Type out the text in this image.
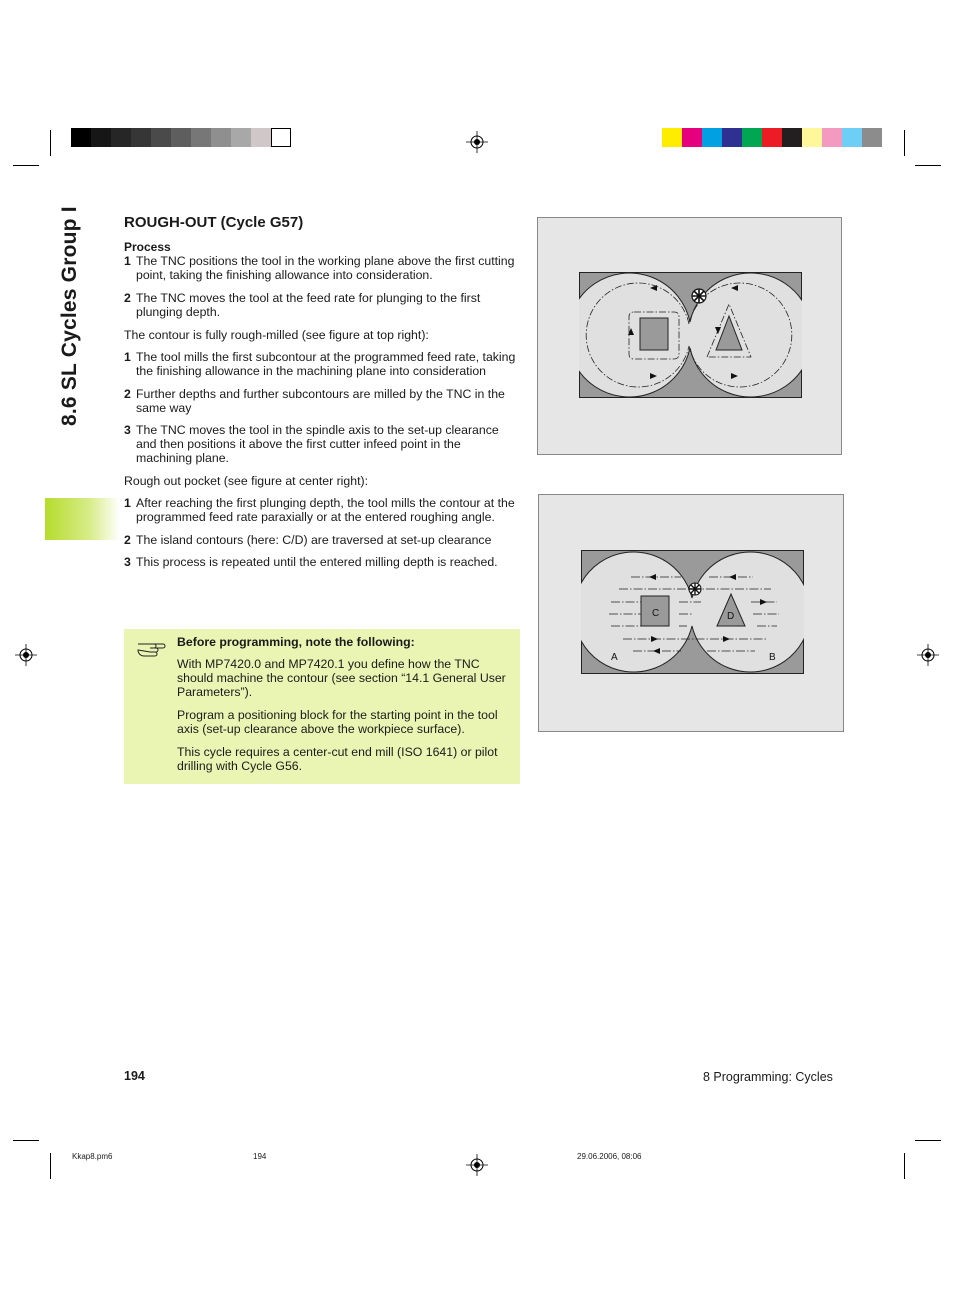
8.6 SL Cycles Group I	ROUGH-OUT (Cycle G57)

Process

1 The TNC positions the tool in the working plane above the first cutting point, taking the finishing allowance into consideration.
2 The TNC moves the tool at the feed rate for plunging to the first plunging depth.

The contour is fully rough-milled (see figure at top right):

1 The tool mills the first subcontour at the programmed feed rate, taking the finishing allowance in the machining plane into consideration
2 Further depths and further subcontours are milled by the TNC in the same way
3 The TNC moves the tool in the spindle axis to the set-up clearance and then positions it above the first cutter infeed point in the machining plane.

Rough out pocket (see figure at center right):

1 After reaching the first plunging depth, the tool mills the contour at the programmed feed rate paraxially or at the entered roughing angle.
2 The island contours (here: C/D) are traversed at set-up clearance
3 This process is repeated until the entered milling depth is reached.

Before programming, note the following:

With MP7420.0 and MP7420.1 you define how the TNC should machine the contour (see section “14.1 General User Parameters”).

Program a positioning block for the starting point in the tool axis (set-up clearance above the workpiece surface).

This cycle requires a center-cut end mill (ISO 1641) or pilot drilling with Cycle G56.

C	D
A	B
194	8 Programming: Cycles
Kkap8.pm6	194	29.06.2006, 08:06
